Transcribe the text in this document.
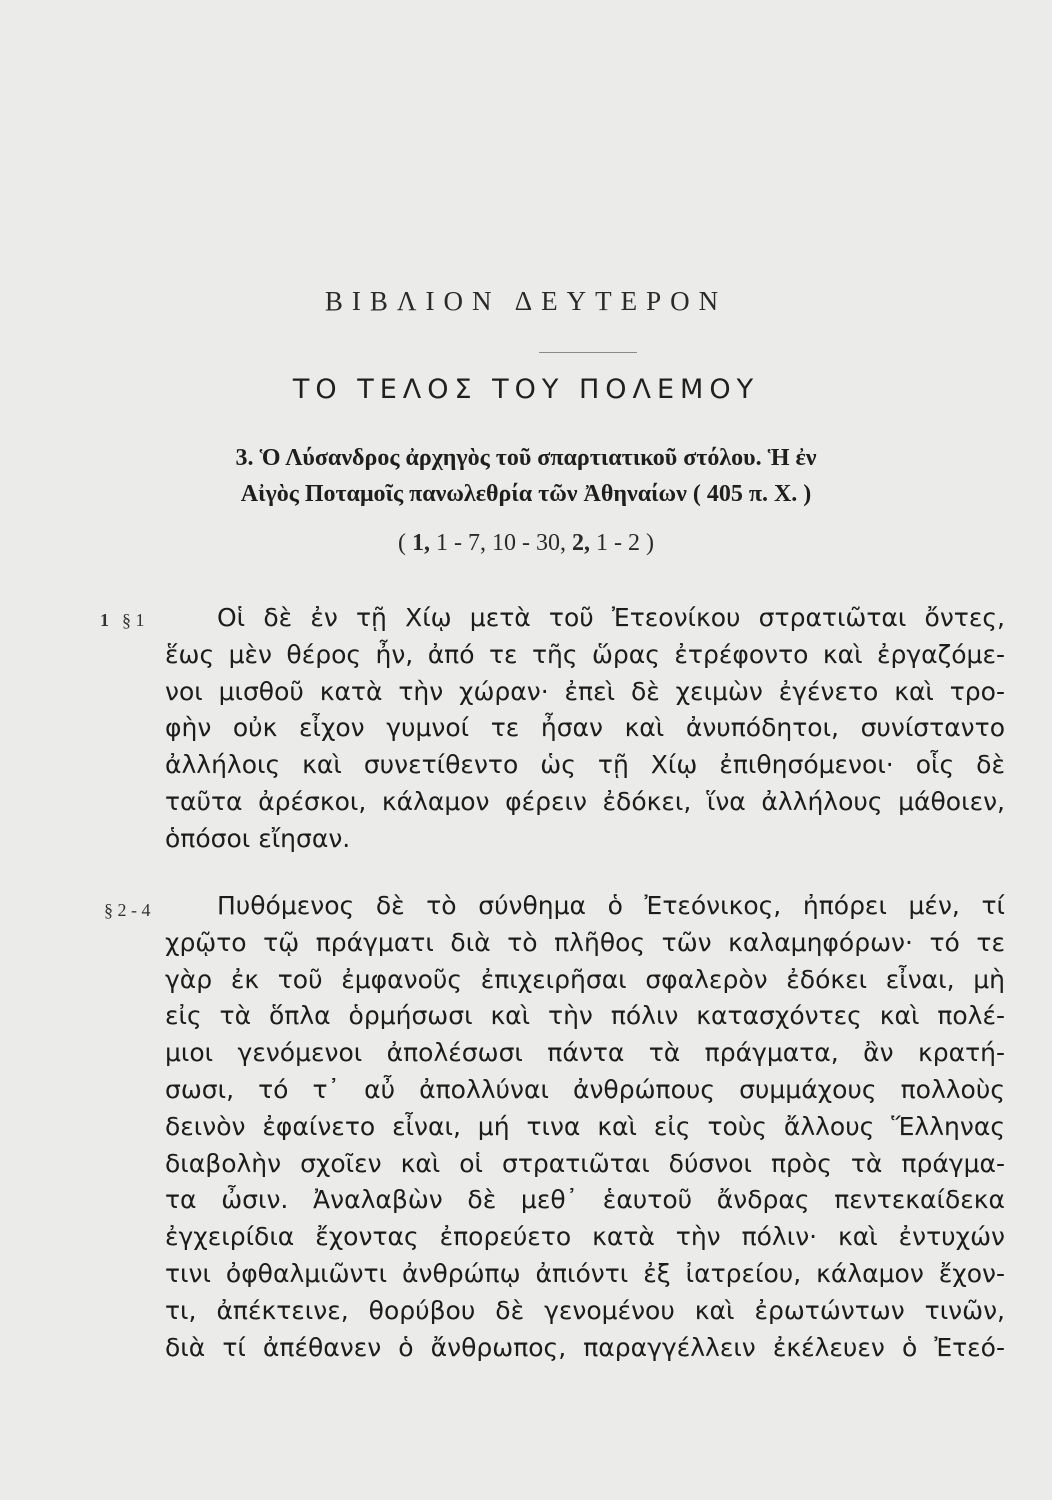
ΒΙΒΛΙΟΝ ΔΕΥΤΕΡΟΝ
ΤΟ ΤΕΛΟΣ ΤΟΥ ΠΟΛΕΜΟΥ
3. Ὁ Λύσανδρος ἀρχηγὸς τοῦ σπαρτιατικοῦ στόλου. Ἡ ἐν
Αἰγὸς Ποταμοῖς πανωλεθρία τῶν Ἀθηναίων ( 405 π. Χ. )
( 1, 1 - 7, 10 - 30, 2, 1 - 2 )
1 § 1
§ 2 - 4
Οἱ δὲ ἐν τῇ Χίῳ μετὰ τοῦ Ἐτεονίκου στρατιῶται ὄντες,
ἕως μὲν θέρος ἦν, ἀπό τε τῆς ὥρας ἐτρέφοντο καὶ ἐργαζόμε-
νοι μισθοῦ κατὰ τὴν χώραν· ἐπεὶ δὲ χειμὼν ἐγένετο καὶ τρο-
φὴν οὐκ εἶχον γυμνοί τε ἦσαν καὶ ἀνυπόδητοι, συνίσταντο
ἀλλήλοις καὶ συνετίθεντο ὡς τῇ Χίῳ ἐπιθησόμενοι· οἷς δὲ
ταῦτα ἀρέσκοι, κάλαμον φέρειν ἐδόκει, ἵνα ἀλλήλους μάθοιεν,
ὁπόσοι εἴησαν.
Πυθόμενος δὲ τὸ σύνθημα ὁ Ἐτεόνικος, ἠπόρει μέν, τί
χρῷτο τῷ πράγματι διὰ τὸ πλῆθος τῶν καλαμηφόρων· τό τε
γὰρ ἐκ τοῦ ἐμφανοῦς ἐπιχειρῆσαι σφαλερὸν ἐδόκει εἶναι, μὴ
εἰς τὰ ὅπλα ὁρμήσωσι καὶ τὴν πόλιν κατασχόντες καὶ πολέ-
μιοι γενόμενοι ἀπολέσωσι πάντα τὰ πράγματα, ἂν κρατή-
σωσι, τό τ᾽ αὖ ἀπολλύναι ἀνθρώπους συμμάχους πολλοὺς
δεινὸν ἐφαίνετο εἶναι, μή τινα καὶ εἰς τοὺς ἄλλους Ἕλληνας
διαβολὴν σχοῖεν καὶ οἱ στρατιῶται δύσνοι πρὸς τὰ πράγμα-
τα ὦσιν. Ἀναλαβὼν δὲ μεθ᾽ ἑαυτοῦ ἄνδρας πεντεκαίδεκα
ἐγχειρίδια ἔχοντας ἐπορεύετο κατὰ τὴν πόλιν· καὶ ἐντυχών
τινι ὀφθαλμιῶντι ἀνθρώπῳ ἀπιόντι ἐξ ἰατρείου, κάλαμον ἔχον-
τι, ἀπέκτεινε, θορύβου δὲ γενομένου καὶ ἐρωτώντων τινῶν,
διὰ τί ἀπέθανεν ὁ ἄνθρωπος, παραγγέλλειν ἐκέλευεν ὁ Ἐτεό-
